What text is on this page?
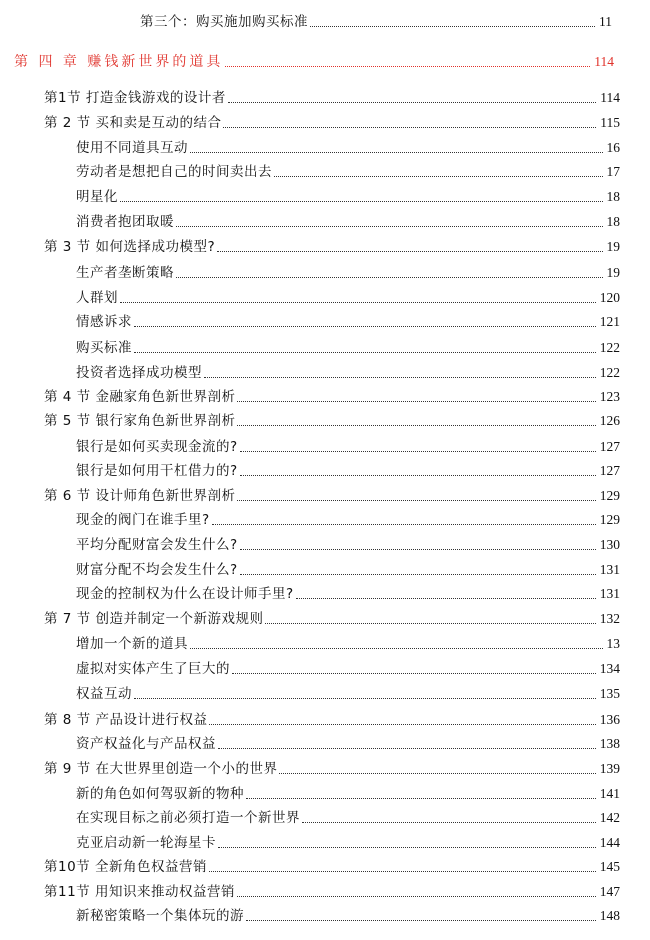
第三个：购买施加购买标准	11
第 四 章 赚钱新世界的道具	114
第1节 打造金钱游戏的设计者	114
第 2 节 买和卖是互动的结合	115
使用不同道具互动	16
劳动者是想把自己的时间卖出去	17
明星化	18
消费者抱团取暖	18
第 3 节 如何选择成功模型?	19
生产者垄断策略	19
人群划	120
情感诉求	121
购买标准	122
投资者选择成功模型	122
第 4 节 金融家角色新世界剖析	123
第 5 节 银行家角色新世界剖析	126
银行是如何买卖现金流的?	127
银行是如何用干杠借力的?	127
第 6 节 设计师角色新世界剖析	129
现金的阀门在谁手里?	129
平均分配财富会发生什么?	130
财富分配不均会发生什么?	131
现金的控制权为什么在设计师手里?	131
第 7 节 创造并制定一个新游戏规则	132
增加一个新的道具	13
虚拟对实体产生了巨大的	134
权益互动	135
第 8 节 产品设计进行权益	136
资产权益化与产品权益	138
第 9 节 在大世界里创造一个小的世界	139
新的角色如何驾驭新的物种	141
在实现目标之前必须打造一个新世界	142
克亚启动新一轮海星卡	144
第10节 全新角色权益营销	145
第11节 用知识来推动权益营销	147
新秘密策略一个集体玩的游	148
